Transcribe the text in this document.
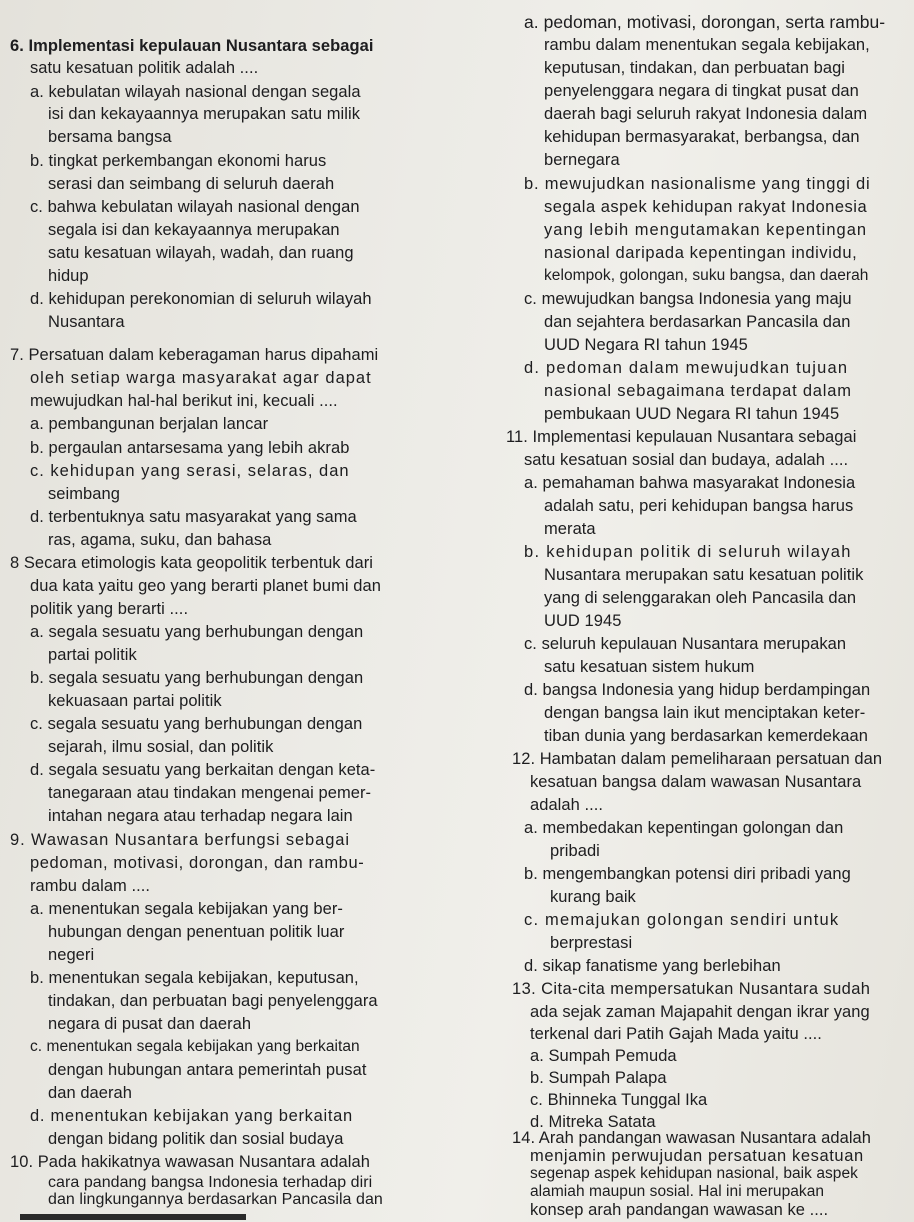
6. Implementasi kepulauan Nusantara sebagai
satu kesatuan politik adalah ....
a. kebulatan wilayah nasional dengan segala
isi dan kekayaannya merupakan satu milik
bersama bangsa
b. tingkat perkembangan ekonomi harus
serasi dan seimbang di seluruh daerah
c. bahwa kebulatan wilayah nasional dengan
segala isi dan kekayaannya merupakan
satu kesatuan wilayah, wadah, dan ruang
hidup
d. kehidupan perekonomian di seluruh wilayah
Nusantara
7. Persatuan dalam keberagaman harus dipahami
oleh setiap warga masyarakat agar dapat
mewujudkan hal-hal berikut ini, kecuali ....
a. pembangunan berjalan lancar
b. pergaulan antarsesama yang lebih akrab
c. kehidupan yang serasi, selaras, dan
seimbang
d. terbentuknya satu masyarakat yang sama
ras, agama, suku, dan bahasa
8 Secara etimologis kata geopolitik terbentuk dari
dua kata yaitu geo yang berarti planet bumi dan
politik yang berarti ....
a. segala sesuatu yang berhubungan dengan
partai politik
b. segala sesuatu yang berhubungan dengan
kekuasaan partai politik
c. segala sesuatu yang berhubungan dengan
sejarah, ilmu sosial, dan politik
d. segala sesuatu yang berkaitan dengan keta-
tanegaraan atau tindakan mengenai pemer-
intahan negara atau terhadap negara lain
9. Wawasan Nusantara berfungsi sebagai
pedoman, motivasi, dorongan, dan rambu-
rambu dalam ....
a. menentukan segala kebijakan yang ber-
hubungan dengan penentuan politik luar
negeri
b. menentukan segala kebijakan, keputusan,
tindakan, dan perbuatan bagi penyelenggara
negara di pusat dan daerah
c. menentukan segala kebijakan yang berkaitan
dengan hubungan antara pemerintah pusat
dan daerah
d. menentukan kebijakan yang berkaitan
dengan bidang politik dan sosial budaya
10. Pada hakikatnya wawasan Nusantara adalah
cara pandang bangsa Indonesia terhadap diri
dan lingkungannya berdasarkan Pancasila dan
a. pedoman, motivasi, dorongan, serta rambu-
rambu dalam menentukan segala kebijakan,
keputusan, tindakan, dan perbuatan bagi
penyelenggara negara di tingkat pusat dan
daerah bagi seluruh rakyat Indonesia dalam
kehidupan bermasyarakat, berbangsa, dan
bernegara
b. mewujudkan nasionalisme yang tinggi di
segala aspek kehidupan rakyat Indonesia
yang lebih mengutamakan kepentingan
nasional daripada kepentingan individu,
kelompok, golongan, suku bangsa, dan daerah
c. mewujudkan bangsa Indonesia yang maju
dan sejahtera berdasarkan Pancasila dan
UUD Negara RI tahun 1945
d. pedoman dalam mewujudkan tujuan
nasional sebagaimana terdapat dalam
pembukaan UUD Negara RI tahun 1945
11. Implementasi kepulauan Nusantara sebagai
satu kesatuan sosial dan budaya, adalah ....
a. pemahaman bahwa masyarakat Indonesia
adalah satu, peri kehidupan bangsa harus
merata
b. kehidupan politik di seluruh wilayah
Nusantara merupakan satu kesatuan politik
yang di selenggarakan oleh Pancasila dan
UUD 1945
c. seluruh kepulauan Nusantara merupakan
satu kesatuan sistem hukum
d. bangsa Indonesia yang hidup berdampingan
dengan bangsa lain ikut menciptakan keter-
tiban dunia yang berdasarkan kemerdekaan
12. Hambatan dalam pemeliharaan persatuan dan
kesatuan bangsa dalam wawasan Nusantara
adalah ....
a. membedakan kepentingan golongan dan
pribadi
b. mengembangkan potensi diri pribadi yang
kurang baik
c. memajukan golongan sendiri untuk
berprestasi
d. sikap fanatisme yang berlebihan
13. Cita-cita mempersatukan Nusantara sudah
ada sejak zaman Majapahit dengan ikrar yang
terkenal dari Patih Gajah Mada yaitu ....
a. Sumpah Pemuda
b. Sumpah Palapa
c. Bhinneka Tunggal Ika
d. Mitreka Satata
14. Arah pandangan wawasan Nusantara adalah
menjamin perwujudan persatuan kesatuan
segenap aspek kehidupan nasional, baik aspek
alamiah maupun sosial. Hal ini merupakan
konsep arah pandangan wawasan ke ....
